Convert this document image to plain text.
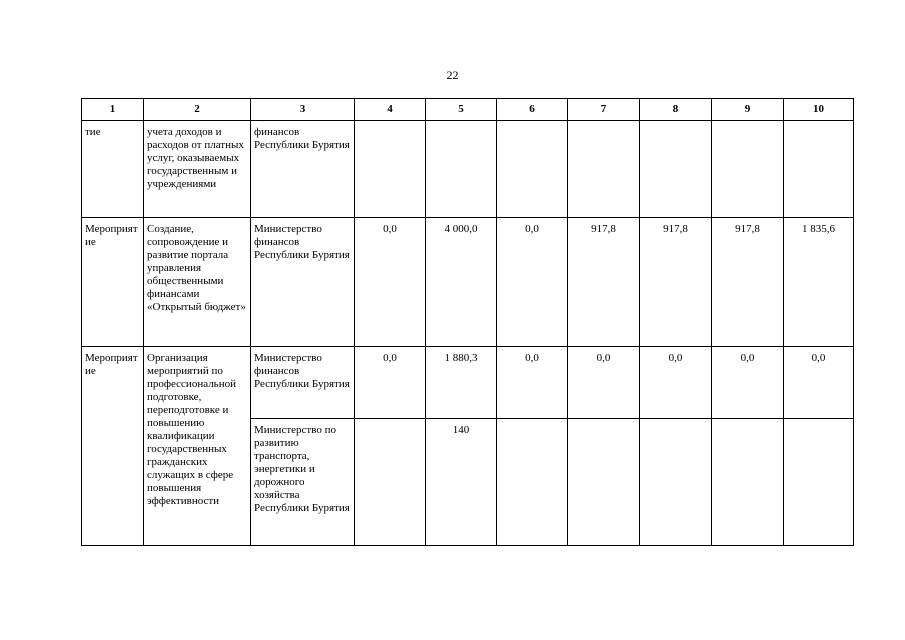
22
1	2	3	4	5	6	7	8	9	10
тие	учета доходов и расходов от платных услуг, оказываемых государственным и учреждениями	финансов Республики Бурятия							
Мероприятие	Создание, сопровождение и развитие портала управления общественными финансами «Открытый бюджет»	Министерство финансов Республики Бурятия	0,0	4 000,0	0,0	917,8	917,8	917,8	1 835,6
Мероприятие	Организация мероприятий по профессиональной подготовке, переподготовке и повышению квалификации государственных гражданских служащих в сфере повышения эффективности	Министерство финансов Республики Бурятия	0,0	1 880,3	0,0	0,0	0,0	0,0	0,0
		Министерство по развитию транспорта, энергетики и дорожного хозяйства Республики Бурятия		140					
